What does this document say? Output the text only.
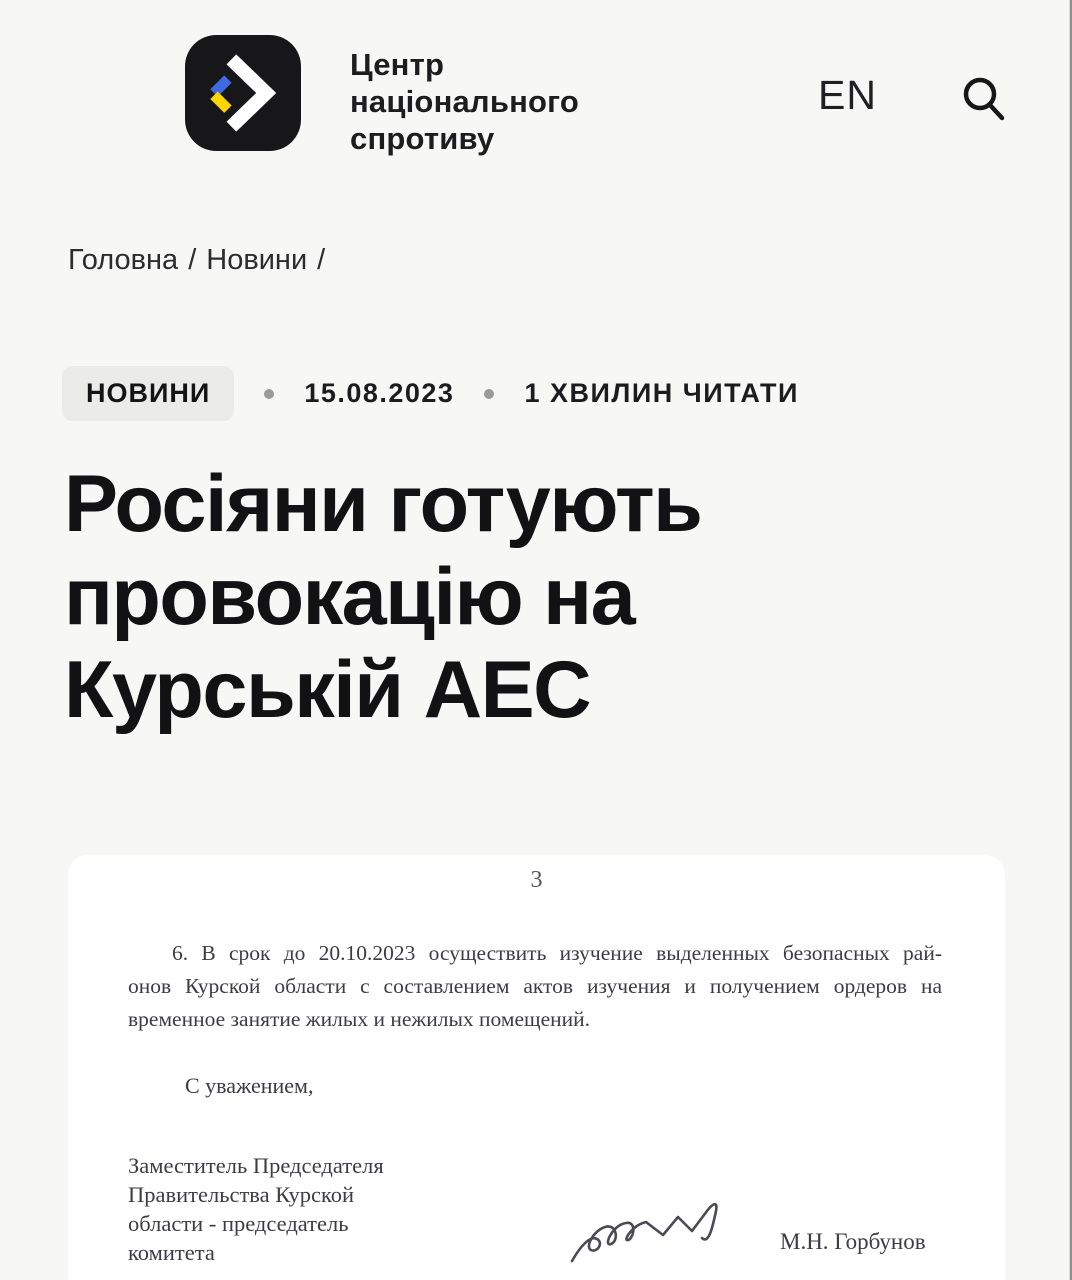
Центр
національного
спротиву
EN
Головна / Новини /
НОВИНИ	15.08.2023	1 ХВИЛИН ЧИТАТИ
Росіяни готують
провокацію на
Курській АЕС
3
6. В срок до 20.10.2023 осуществить изучение выделенных безопасных рай-
онов Курской области с составлением актов изучения и получением ордеров на
временное занятие жилых и нежилых помещений.
С уважением,
Заместитель Председателя
Правительства Курской
области - председатель
комитета	М.Н. Горбунов
